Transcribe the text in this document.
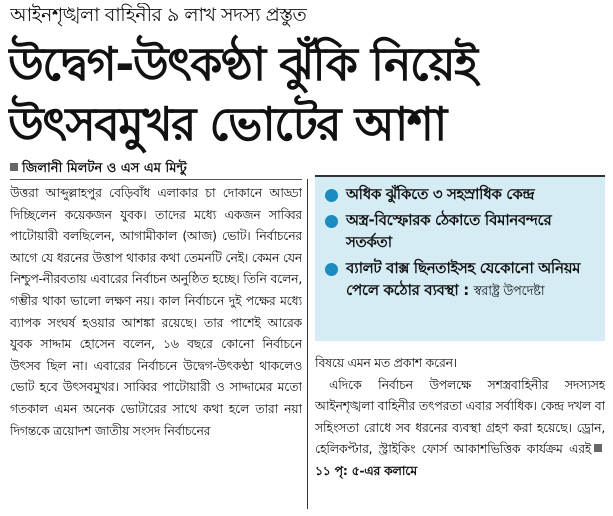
আইনশৃঙ্খলা বাহিনীর ৯ লাখ সদস্য প্রস্তুত
উদ্বেগ-উৎকণ্ঠা ঝুঁকি নিয়েই
উৎসবমুখর ভোটের আশা
জিলানী মিলটন ও এস এম মিন্টু

উত্তরা আব্দুল্লাহপুর বেড়িবাঁধ এলাকার চা দোকানে আড্ডা দিচ্ছিলেন কয়েকজন যুবক। তাদের মধ্যে একজন সাব্বির পাটোয়ারী বলছিলেন, আগামীকাল (আজ) ভোট। নির্বাচনের আগে যে ধরনের উত্তাপ থাকার কথা তেমনটি নেই। কেমন যেন নিশ্চুপ-নীরবতায় এবারের নির্বাচন অনুষ্ঠিত হচ্ছে। তিনি বলেন, গম্ভীর থাকা ভালো লক্ষণ নয়। কাল নির্বাচনে দুই পক্ষের মধ্যে ব্যাপক সংঘর্ষ হওয়ার আশঙ্কা রয়েছে। তার পাশেই আরেক যুবক সাদ্দাম হোসেন বলেন, ১৬ বছরে কোনো নির্বাচনে উৎসব ছিল না। এবারের নির্বাচনে উদ্বেগ-উৎকণ্ঠা থাকলেও ভোট হবে উৎসবমুখর। সাব্বির পাটোয়ারী ও সাদ্দামের মতো গতকাল এমন অনেক ভোটারের সাথে কথা হলে তারা নয়া দিগন্তকে ত্রয়োদশ জাতীয় সংসদ নির্বাচনের

অধিক ঝুঁকিতে ৩ সহস্রাধিক কেন্দ্র
অস্ত্র-বিস্ফোরক ঠেকাতে বিমানবন্দরে সতর্কতা
ব্যালট বাক্স ছিনতাইসহ যেকোনো অনিয়ম পেলে কঠোর ব্যবস্থা : স্বরাষ্ট্র উপদেষ্টা

বিষয়ে এমন মত প্রকাশ করেন।

এদিকে নির্বাচন উপলক্ষে সশস্ত্রবাহিনীর সদস্যসহ আইনশৃঙ্খলা বাহিনীর তৎপরতা এবার সর্বাধিক। কেন্দ্র দখল বা সহিংসতা রোধে সব ধরনের ব্যবস্থা গ্রহণ করা হয়েছে। ড্রোন, হেলিকপ্টার, স্ট্রাইকিং ফোর্স আকাশভিত্তিক কার্যক্রম এরই১১ পৃ: ৫-এর কলামে
